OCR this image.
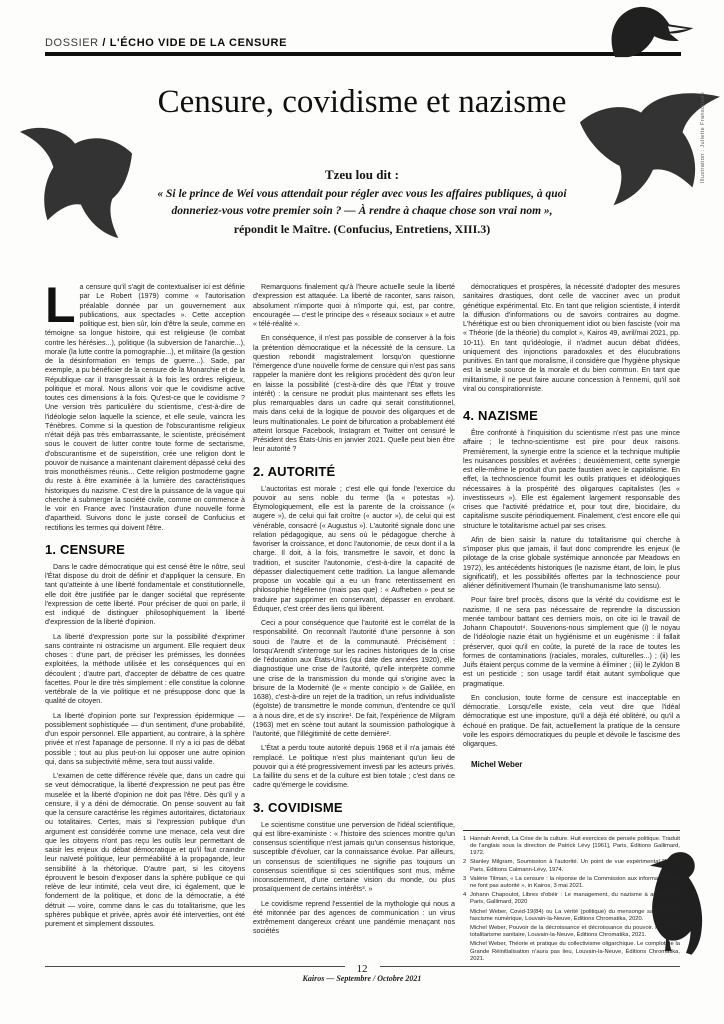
DOSSIER / L'ÉCHO VIDE DE LA CENSURE
Censure, covidisme et nazisme	Illustration : Juliette Franscpado
Tzeu lou dit :
« Si le prince de Wei vous attendait pour régler avec vous les affaires publiques, à quoi
donneriez-vous votre premier soin ? — À rendre à chaque chose son vrai nom »,
répondit le Maître. (Confucius, Entretiens, XIII.3)

La censure qu'il s'agit de contextualiser ici est définie par Le Robert (1979) comme « l'autorisation préalable donnée par un gouvernement aux publications, aux spectacles ». Cette acception politique est, bien sûr, loin d'être la seule, comme en témoigne sa longue histoire, qui est religieuse (le combat contre les hérésies...), politique (la subversion de l'anarchie...), morale (la lutte contre la pornographie...), et militaire (la gestion de la désinformation en temps de guerre...). Sade, par exemple, a pu bénéficier de la censure de la Monarchie et de la République car il transgressait à la fois les ordres religieux, politique et moral. Nous allons voir que le covidisme active toutes ces dimensions à la fois. Qu'est-ce que le covidisme ? Une version très particulière du scientisme, c'est-à-dire de l'idéologie selon laquelle la science, et elle seule, vaincra les Ténèbres. Comme si la question de l'obscurantisme religieux n'était déjà pas très embarrassante, le scientiste, précisément sous le couvert de lutter contre toute forme de sectarisme, d'obscurantisme et de superstition, crée une religion dont le pouvoir de nuisance a maintenant clairement dépassé celui des trois monothéismes réunis... Cette religion postmoderne gagne du reste à être examinée à la lumière des caractéristiques historiques du nazisme. C'est dire la puissance de la vague qui cherche à submerger la société civile, comme on commence à le voir en France avec l'instauration d'une nouvelle forme d'apartheid. Suivons donc le juste conseil de Confucius et rectifions les termes qui doivent l'être.

1. CENSURE

Dans le cadre démocratique qui est censé être le nôtre, seul l'État dispose du droit de définir et d'appliquer la censure. En tant qu'atteinte à une liberté fondamentale et constitutionnelle, elle doit être justifiée par le danger sociétal que représente l'expression de cette liberté. Pour préciser de quoi on parle, il est indiqué de distinguer philosophiquement la liberté d'expression de la liberté d'opinion.

La liberté d'expression porte sur la possibilité d'exprimer sans contrainte ni ostracisme un argument. Elle requiert deux choses : d'une part, de préciser les prémisses, les données exploitées, la méthode utilisée et les conséquences qui en découlent ; d'autre part, d'accepter de débattre de ces quatre facettes. Pour le dire très simplement : elle constitue la colonne vertébrale de la vie politique et ne présuppose donc que la qualité de citoyen.

La liberté d'opinion porte sur l'expression épidermique — possiblement sophistiquée — d'un sentiment, d'une probabilité, d'un espoir personnel. Elle appartient, au contraire, à la sphère privée et n'est l'apanage de personne. Il n'y a ici pas de débat possible ; tout au plus peut-on lui opposer une autre opinion qui, dans sa subjectivité même, sera tout aussi valide.

L'examen de cette différence révèle que, dans un cadre qui se veut démocratique, la liberté d'expression ne peut pas être muselée et la liberté d'opinion ne doit pas l'être. Dès qu'il y a censure, il y a déni de démocratie. On pense souvent au fait que la censure caractérise les régimes autoritaires, dictatoriaux ou totalitaires. Certes, mais si l'expression publique d'un argument est considérée comme une menace, cela veut dire que les citoyens n'ont pas reçu les outils leur permettant de saisir les enjeux du débat démocratique et qu'il faut craindre leur naïveté politique, leur perméabilité à la propagande, leur sensibilité à la rhétorique. D'autre part, si les citoyens éprouvent le besoin d'exposer dans la sphère publique ce qui relève de leur intimité, cela veut dire, ici également, que le fondement de la politique, et donc de la démocratie, a été détruit — voire, comme dans le cas du totalitarisme, que les sphères publique et privée, après avoir été interverties, ont été purement et simplement dissoutes.

Remarquons finalement qu'à l'heure actuelle seule la liberté d'expression est attaquée. La liberté de raconter, sans raison, absolument n'importe quoi à n'importe qui, est, par contre, encouragée — c'est le principe des « réseaux sociaux » et autre « télé-réalité ».

En conséquence, il n'est pas possible de conserver à la fois la prétention démocratique et la nécessité de la censure. La question rebondit magistralement lorsqu'on questionne l'émergence d'une nouvelle forme de censure qui n'est pas sans rappeler la manière dont les religions procèdent dès qu'on leur en laisse la possibilité (c'est-à-dire dès que l'État y trouve intérêt) : la censure ne produit plus maintenant ses effets les plus remarquables dans un cadre qui serait constitutionnel, mais dans celui de la logique de pouvoir des oligarques et de leurs multinationales. Le point de bifurcation a probablement été atteint lorsque Facebook, Instagram et Twitter ont censuré le Président des États-Unis en janvier 2021. Quelle peut bien être leur autorité ?

2. AUTORITÉ

L'auctoritas est morale ; c'est elle qui fonde l'exercice du pouvoir au sens noble du terme (la « potestas »). Étymologiquement, elle est la parente de la croissance (« augere »), de celui qui fait croître (« auctor »), de celui qui est vénérable, consacré (« Augustus »). L'autorité signale donc une relation pédagogique, au sens où le pédagogue cherche à favoriser la croissance, et donc l'autonomie, de ceux dont il a la charge. Il doit, à la fois, transmettre le savoir, et donc la tradition, et susciter l'autonomie, c'est-à-dire la capacité de dépasser dialectiquement cette tradition. La langue allemande propose un vocable qui a eu un franc retentissement en philosophie hégélienne (mais pas que) : « Aufheben » peut se traduire par supprimer en conservant, dépasser en enrobant. Éduquer, c'est créer des liens qui libèrent.

Ceci a pour conséquence que l'autorité est le corrélat de la responsabilité. On reconnaît l'autorité d'une personne à son souci de l'autre et de la communauté. Précisément : lorsqu'Arendt s'interroge sur les racines historiques de la crise de l'éducation aux États-Unis (qui date des années 1920), elle diagnostique une crise de l'autorité, qu'elle interprète comme une crise de la transmission du monde qui s'origine avec la brisure de la Modernité (le « mente concipio » de Galilée, en 1638), c'est-à-dire un rejet de la tradition, un refus individualiste (égoïste) de transmettre le monde commun, d'entendre ce qu'il a à nous dire, et de s'y inscrire¹. De fait, l'expérience de Milgram (1963) met en scène tout autant la soumission pathologique à l'autorité, que l'illégitimité de cette dernière².

L'État a perdu toute autorité depuis 1968 et il n'a jamais été remplacé. Le politique n'est plus maintenant qu'un lieu de pouvoir qui a été progressivement investi par les acteurs privés. La faillite du sens et de la culture est bien totale ; c'est dans ce cadre qu'émerge le covidisme.

3. COVIDISME

Le scientisme constitue une perversion de l'idéal scientifique, qui est libre-exaministe : « l'histoire des sciences montre qu'un consensus scientifique n'est jamais qu'un consensus historique, susceptible d'évoluer, car la connaissance évolue. Par ailleurs, un consensus de scientifiques ne signifie pas toujours un consensus scientifique si ces scientifiques sont mus, même inconsciemment, d'une certaine vision du monde, ou plus prosaïquement de certains intérêts³. »

Le covidisme reprend l'essentiel de la mythologie qui nous a été mitonnée par des agences de communication : un virus extrêmement dangereux créant une pandémie menaçant nos sociétés

démocratiques et prospères, la nécessité d'adopter des mesures sanitaires drastiques, dont celle de vacciner avec un produit génétique expérimental. Etc. En tant que religion scientiste, il interdit la diffusion d'informations ou de savoirs contraires au dogme. L'hérétique est ou bien chroniquement idiot ou bien fasciste (voir ma « Théorie (de la théorie) du complot », Kairos 49, avril/mai 2021, pp. 10-11). En tant qu'idéologie, il n'admet aucun débat d'idées, uniquement des injonctions paradoxales et des élucubrations punitives. En tant que moralisme, il considère que l'hygiène physique est la seule source de la morale et du bien commun. En tant que militarisme, il ne peut faire aucune concession à l'ennemi, qu'il soit viral ou conspirationniste.

4. NAZISME

Être confronté à l'inquisition du scientisme n'est pas une mince affaire ; le techno-scientisme est pire pour deux raisons. Premièrement, la synergie entre la science et la technique multiplie les nuisances possibles et avérées ; deuxièmement, cette synergie est elle-même le produit d'un pacte faustien avec le capitalisme. En effet, la technoscience fournit les outils pratiques et idéologiques nécessaires à la prospérité des oligarques capitalistes (les « investisseurs »). Elle est également largement responsable des crises que l'activité prédatrice et, pour tout dire, biocidaire, du capitalisme suscite périodiquement. Finalement, c'est encore elle qui structure le totalitarisme actuel par ses crises.

Afin de bien saisir la nature du totalitarisme qui cherche à s'imposer plus que jamais, il faut donc comprendre les enjeux (le pilotage de la crise globale systémique annoncée par Meadows en 1972), les antécédents historiques (le nazisme étant, de loin, le plus significatif), et les possibilités offertes par la technoscience pour aliéner définitivement l'humain (le transhumanisme lato sensu).

Pour faire bref procès, disons que la vérité du covidisme est le nazisme. Il ne sera pas nécessaire de reprendre la discussion menée tambour battant ces derniers mois, on cite ici le travail de Johann Chapoutot⁴. Souvenons-nous simplement que (i) le noyau de l'idéologie nazie était un hygiénisme et un eugénisme : il fallait préserver, quoi qu'il en coûte, la pureté de la race de toutes les formes de contaminations (raciales, morales, culturelles...) ; (ii) les Juifs étaient perçus comme de la vermine à éliminer ; (iii) le Zyklon B est un pesticide ; son usage tardif était autant symbolique que pragmatique.

En conclusion, toute forme de censure est inacceptable en démocratie. Lorsqu'elle existe, cela veut dire que l'idéal démocratique est une imposture, qu'il a déjà été oblitéré, ou qu'il a échoué en pratique. De fait, actuellement la pratique de la censure voile les espoirs démocratiques du peuple et dévoile le fascisme des oligarques.

Michel Weber
1 Hannah Arendt, La Crise de la culture. Huit exercices de pensée politique. Traduit de l'anglais sous la direction de Patrick Lévy [1961], Paris, Éditions Gallimard, 1972.
2 Stanley Milgram, Soumission à l'autorité. Un point de vue expérimental [1974], Paris, Éditions Calmann-Lévy, 1974.
3 Valérie Tilman, « La censure : la réponse de la Commission aux informations qui ne font pas autorité », in Kairos, 3 mai 2021.
4 Johann Chapoutot, Libres d'obéir : Le management, du nazisme à aujourd'hui, Paris, Gallimard, 2020
Michel Weber, Covid-19(84) ou La vérité (politique) du mensonge sanitaire : le fascisme numérique, Louvain-la-Neuve, Éditions Chromatika, 2020.
Michel Weber, Pouvoir de la décroissance et décroissance du pouvoir. Penser le totalitarisme sanitaire, Louvain-la-Neuve, Éditions Chromatika, 2021.
Michel Weber, Théorie et pratique du collectivisme oligarchique. Le complot de la Grande Réinitialisation n'aura pas lieu, Louvain-la-Neuve, Éditions Chromatika, 2021.
12
Kairos — Septembre / Octobre 2021
